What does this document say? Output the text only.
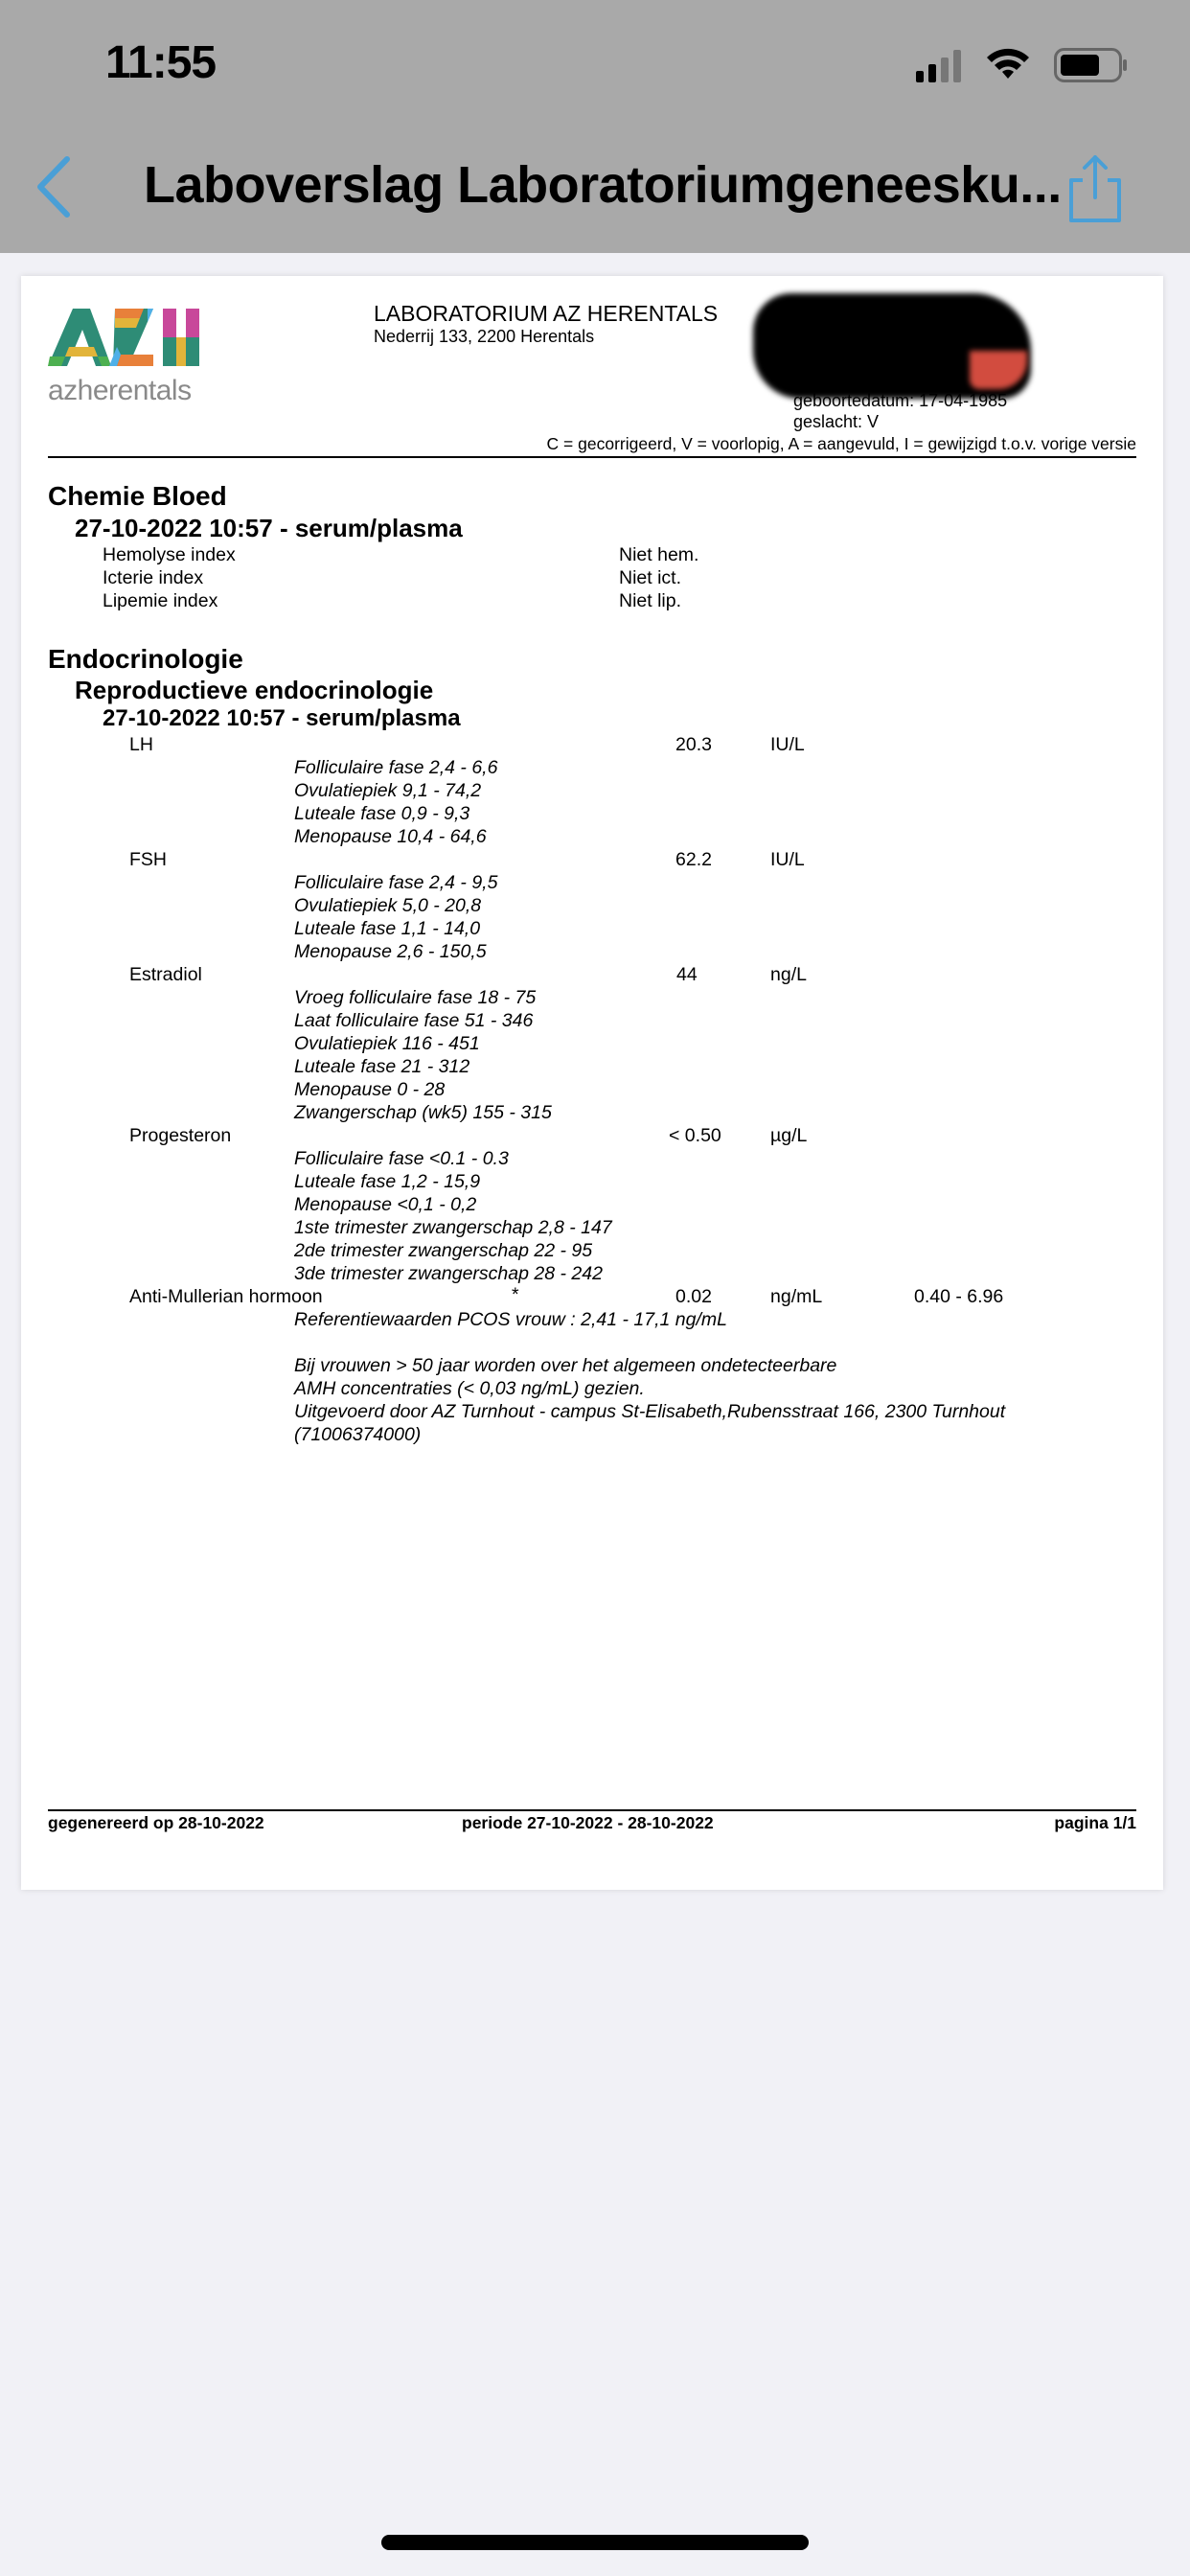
11:55
Laboverslag Laboratoriumgeneesku...
azherentals
LABORATORIUM AZ HERENTALS
Nederrij 133, 2200 Herentals
geboortedatum: 17-04-1985
geslacht: V
C = gecorrigeerd, V = voorlopig, A = aangevuld, I = gewijzigd t.o.v. vorige versie
Chemie Bloed
27-10-2022 10:57 - serum/plasma
Hemolyse index	Niet hem.
Icterie index	Niet ict.
Lipemie index	Niet lip.
Endocrinologie
Reproductieve endocrinologie
27-10-2022 10:57 - serum/plasma
LH	20.3	IU/L
Folliculaire fase 2,4 - 6,6
Ovulatiepiek 9,1 - 74,2
Luteale fase 0,9 - 9,3
Menopause 10,4 - 64,6
FSH	62.2	IU/L
Folliculaire fase 2,4 - 9,5
Ovulatiepiek 5,0 - 20,8
Luteale fase 1,1 - 14,0
Menopause 2,6 - 150,5
Estradiol	44	ng/L
Vroeg folliculaire fase 18 - 75
Laat folliculaire fase 51 - 346
Ovulatiepiek 116 - 451
Luteale fase 21 - 312
Menopause 0 - 28
Zwangerschap (wk5) 155 - 315
Progesteron	< 0.50	µg/L
Folliculaire fase <0.1 - 0.3
Luteale fase 1,2 - 15,9
Menopause <0,1 - 0,2
1ste trimester zwangerschap 2,8 - 147
2de trimester zwangerschap 22 - 95
3de trimester zwangerschap 28 - 242
Anti-Mullerian hormoon	*	0.02	ng/mL	0.40 - 6.96
Referentiewaarden PCOS vrouw : 2,41 - 17,1 ng/mL
Bij vrouwen > 50 jaar worden over het algemeen ondetecteerbare
AMH concentraties (< 0,03 ng/mL) gezien.
Uitgevoerd door AZ Turnhout - campus St-Elisabeth,Rubensstraat 166, 2300 Turnhout
(71006374000)
gegenereerd op 28-10-2022	periode 27-10-2022 - 28-10-2022	pagina 1/1
